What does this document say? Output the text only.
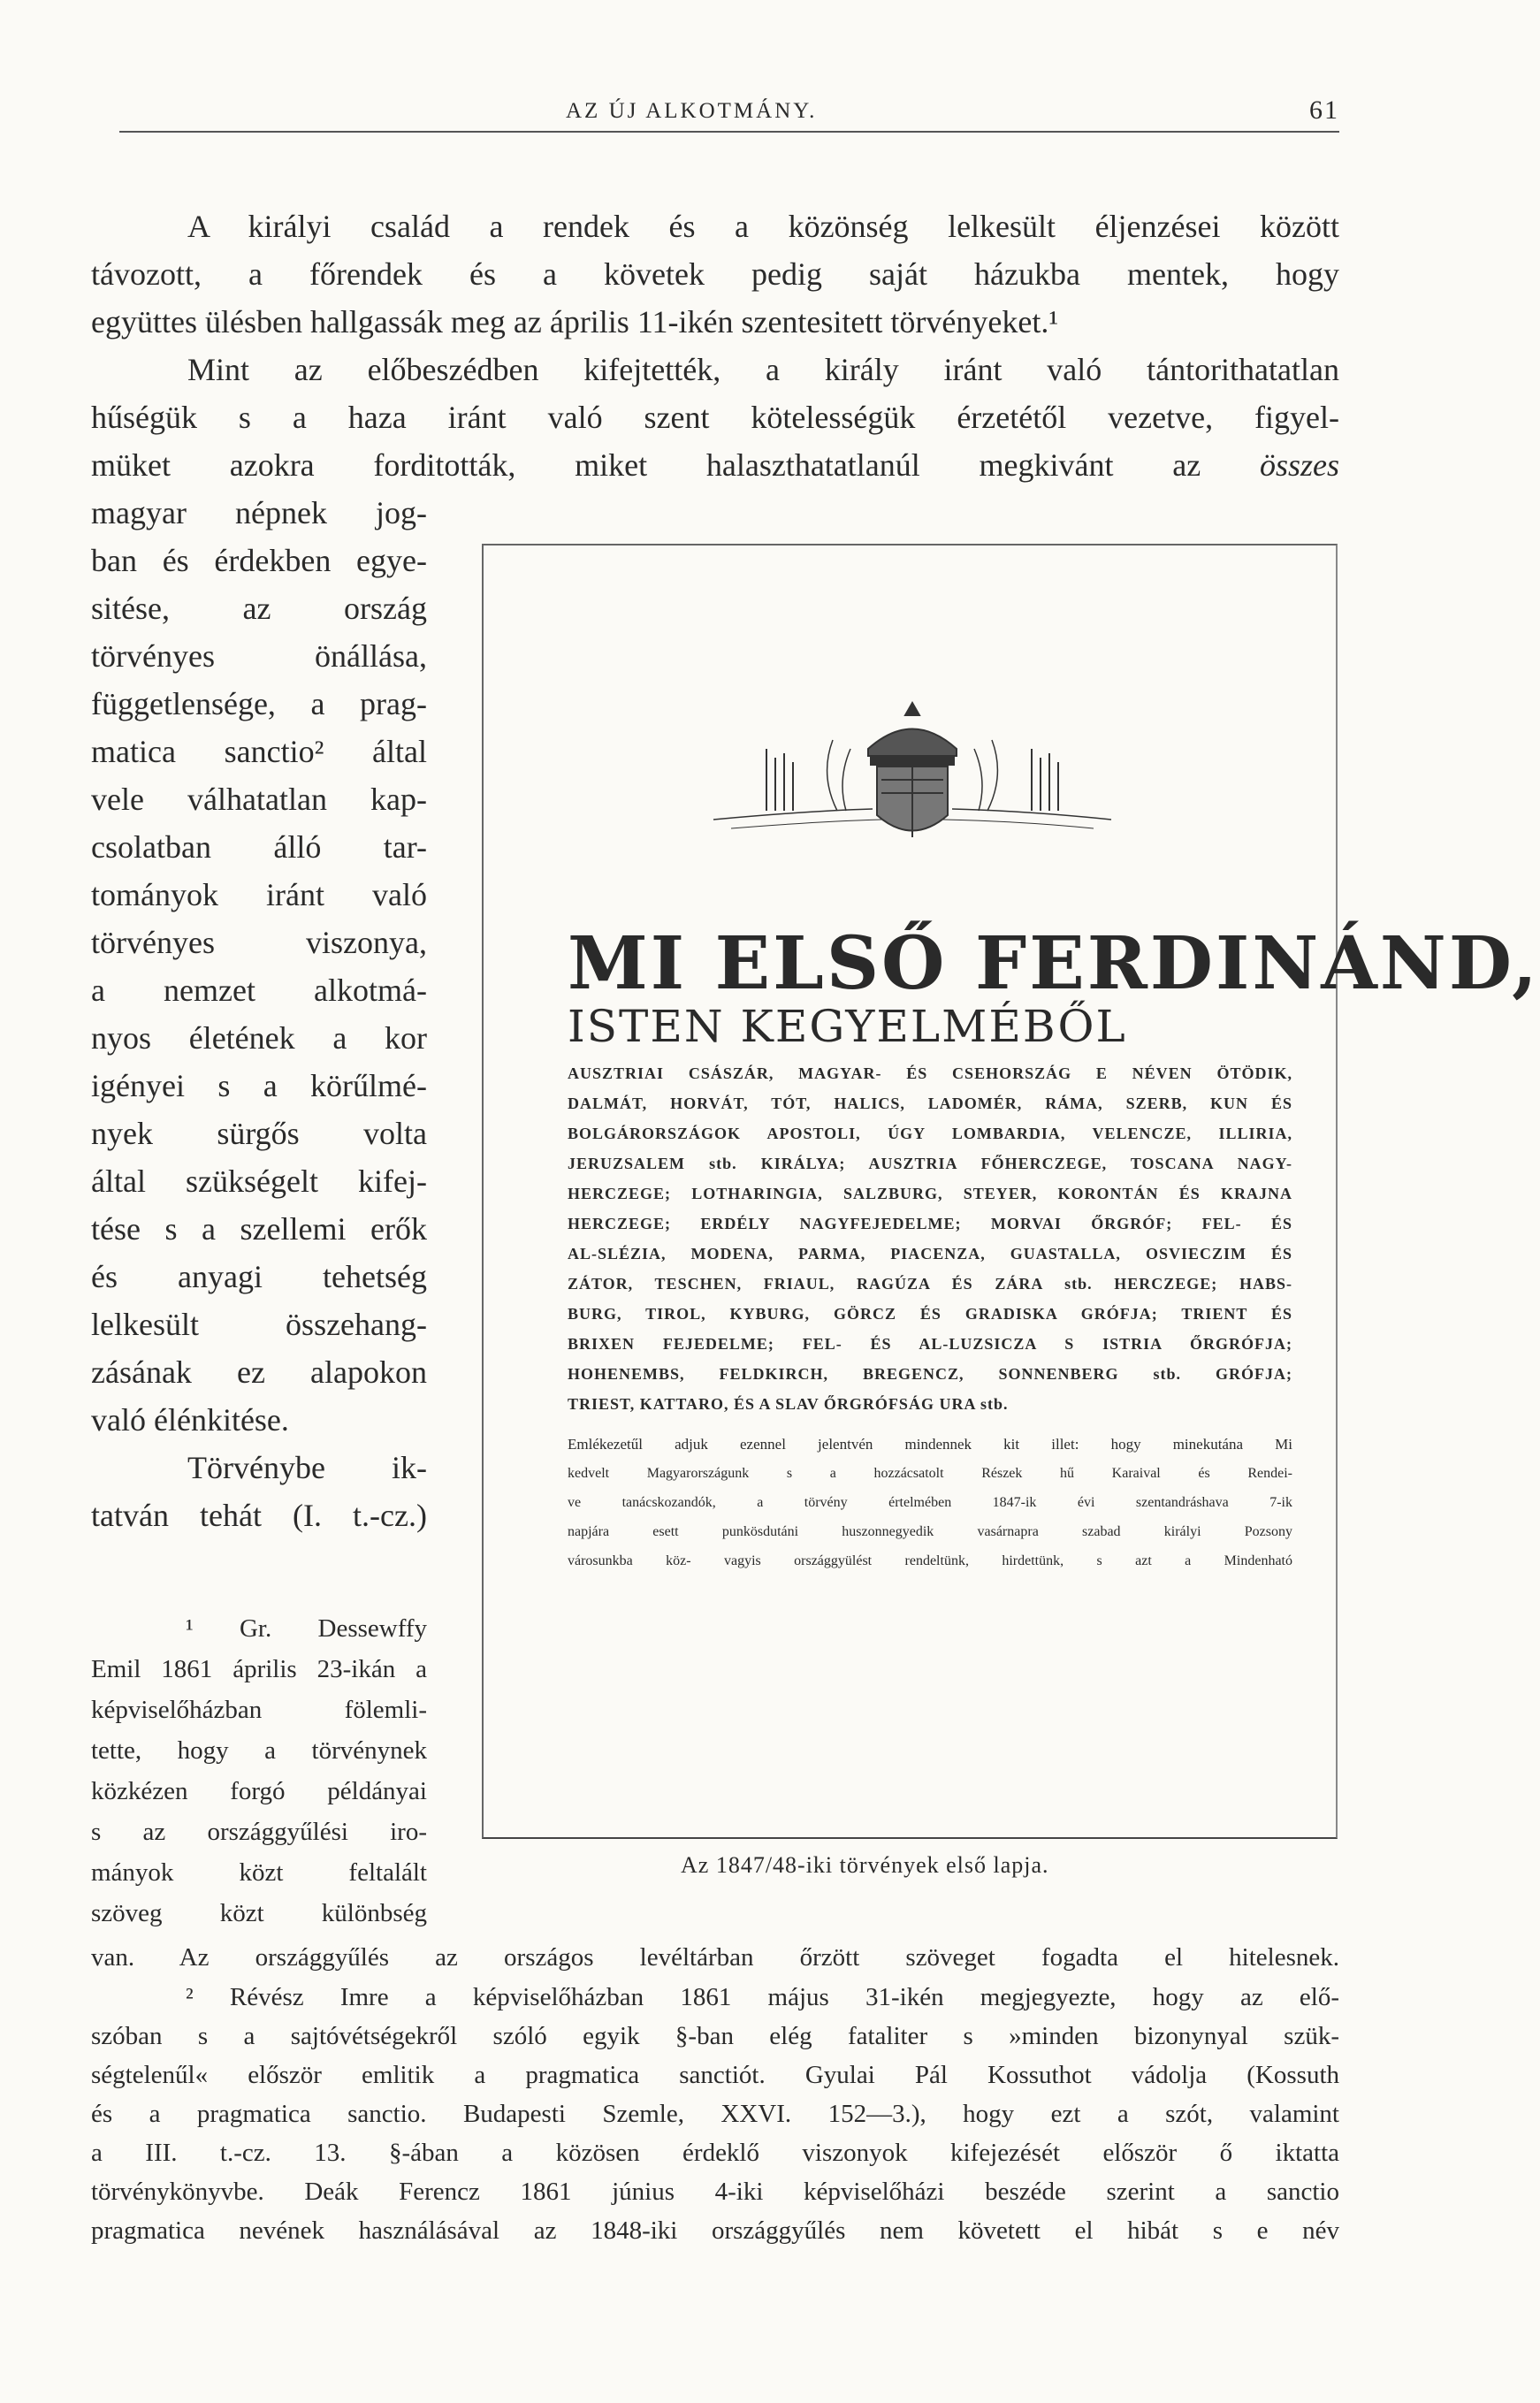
AZ ÚJ ALKOTMÁNY.	61
A királyi család a rendek és a közönség lelkesült éljenzései között
távozott, a főrendek és a követek pedig saját házukba mentek, hogy
együttes ülésben hallgassák meg az április 11-ikén szentesitett törvényeket.¹
Mint az előbeszédben kifejtették, a király iránt való tántorithatatlan
hűségük s a haza iránt való szent kötelességük érzetétől vezetve, figyel-
müket azokra forditották, miket halaszthatatlanúl megkivánt az összes
magyar népnek jog-
ban és érdekben egye-
sitése, az ország
törvényes önállása,
függetlensége, a prag-
matica sanctio² által
vele válhatatlan kap-
csolatban álló tar-
tományok iránt való
törvényes viszonya,
a nemzet alkotmá-
nyos életének a kor
igényei s a körűlmé-
nyek sürgős volta
által szükségelt kifej-
tése s a szellemi erők
és anyagi tehetség
lelkesült összehang-
zásának ez alapokon
való élénkitése.
Törvénybe ik-
tatván tehát (I. t.-cz.)
¹ Gr. Dessewffy
Emil 1861 április 23-ikán a
képviselőházban fölemli-
tette, hogy a törvénynek
közkézen forgó példányai
s az országgyűlési iro-
mányok közt feltalált
szöveg közt különbség
van. Az országgyűlés az országos levéltárban őrzött szöveget fogadta el hitelesnek.
² Révész Imre a képviselőházban 1861 május 31-ikén megjegyezte, hogy az elő-
szóban s a sajtóvétségekről szóló egyik §-ban elég fataliter s »minden bizonynyal szük-
ségtelenűl« először emlitik a pragmatica sanctiót. Gyulai Pál Kossuthot vádolja (Kossuth
és a pragmatica sanctio. Budapesti Szemle, XXVI. 152—3.), hogy ezt a szót, valamint
a III. t.-cz. 13. §-ában a közösen érdeklő viszonyok kifejezését először ő iktatta
törvénykönyvbe. Deák Ferencz 1861 június 4-iki képviselőházi beszéde szerint a sanctio
pragmatica nevének használásával az 1848-iki országgyűlés nem követett el hibát s e név
MI ELSŐ FERDINÁND,
ISTEN KEGYELMÉBŐL
AUSZTRIAI CSÁSZÁR, MAGYAR- ÉS CSEHORSZÁG E NÉVEN ÖTÖDIK,
DALMÁT, HORVÁT, TÓT, HALICS, LADOMÉR, RÁMA, SZERB, KUN ÉS
BOLGÁRORSZÁGOK APOSTOLI, ÚGY LOMBARDIA, VELENCZE, ILLIRIA,
JERUZSALEM stb. KIRÁLYA; AUSZTRIA FŐHERCZEGE, TOSCANA NAGY-
HERCZEGE; LOTHARINGIA, SALZBURG, STEYER, KORONTÁN ÉS KRAJNA
HERCZEGE; ERDÉLY NAGYFEJEDELME; MORVAI ŐRGRÓF; FEL- ÉS
AL-SLÉZIA, MODENA, PARMA, PIACENZA, GUASTALLA, OSVIECZIM ÉS
ZÁTOR, TESCHEN, FRIAUL, RAGÚZA ÉS ZÁRA stb. HERCZEGE; HABS-
BURG, TIROL, KYBURG, GÖRCZ ÉS GRADISKA GRÓFJA; TRIENT ÉS
BRIXEN FEJEDELME; FEL- ÉS AL-LUZSICZA S ISTRIA ŐRGRÓFJA;
HOHENEMBS, FELDKIRCH, BREGENCZ, SONNENBERG stb. GRÓFJA;
TRIEST, KATTARO, ÉS A SLAV ŐRGRÓFSÁG URA stb.
Emlékezetűl adjuk ezennel jelentvén mindennek kit illet: hogy minekutána Mi
kedvelt Magyarországunk s a hozzácsatolt Részek hű Karaival és Rendei-
ve tanácskozandók, a törvény értelmében 1847-ik évi szentandráshava 7-ik
napjára esett punkösdutáni huszonnegyedik vasárnapra szabad királyi Pozsony
városunkba köz- vagyis országgyülést rendeltünk, hirdettünk, s azt a Mindenható
Az 1847/48-iki törvények első lapja.
